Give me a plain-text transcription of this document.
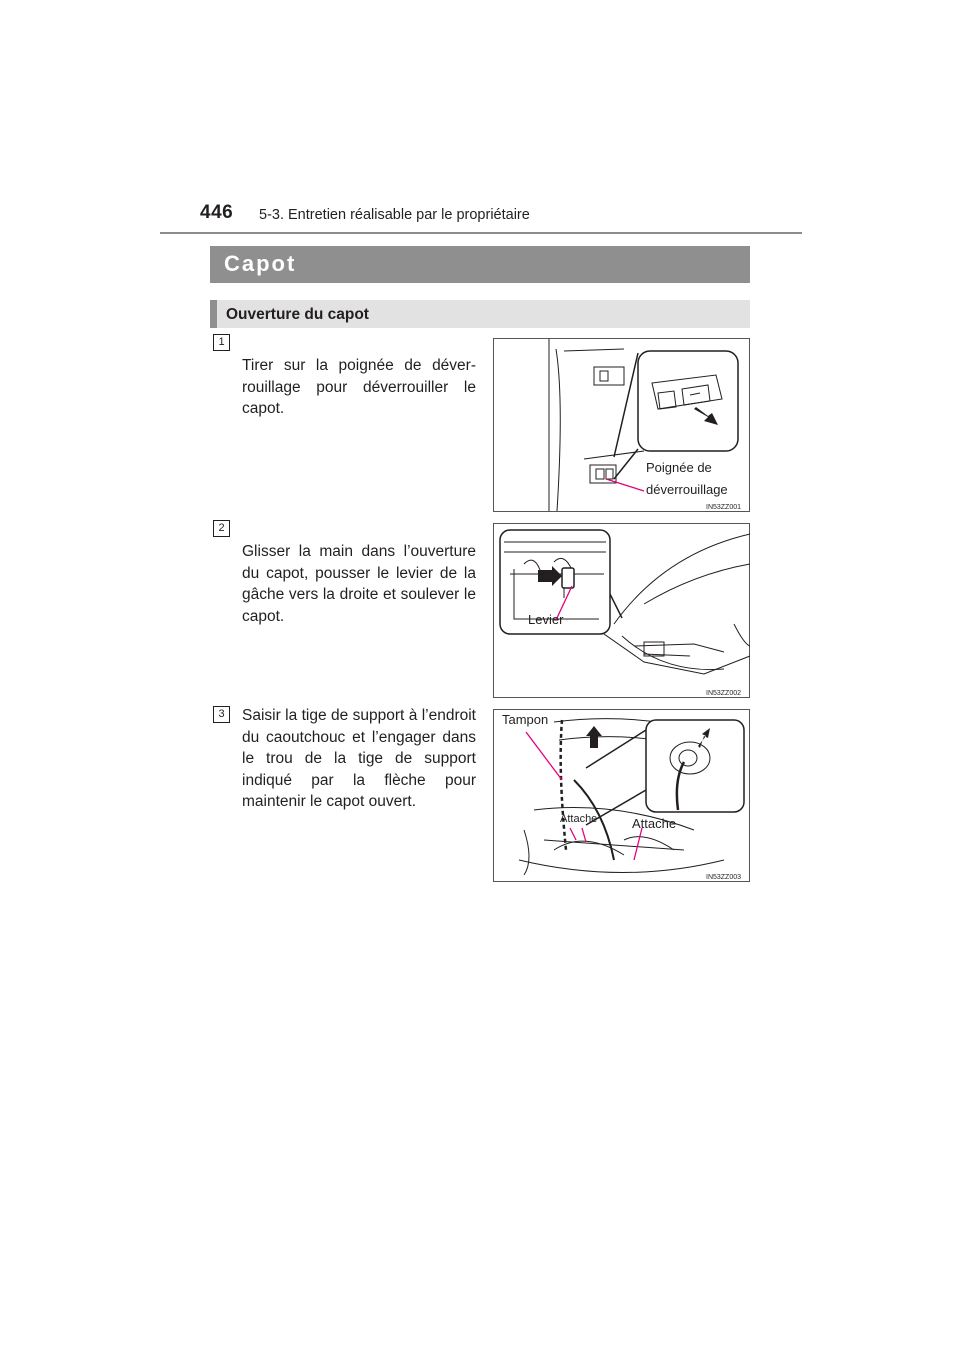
446 5-3. Entretien réalisable par le propriétaire
Capot
Ouverture du capot
1
Tirer sur la poignée de déver-rouillage pour déverrouiller le capot.
Poignée de
déverrouillage
IN53ZZ001
2
Glisser la main dans l’ouverture du capot, pousser le levier de la gâche vers la droite et soulever le capot.	Levier
IN53ZZ002
3	Saisir la tige de support à l’endroit du caoutchouc et l’engager dans le trou de la tige de support indiqué par la flèche pour maintenir le capot ouvert.
Tampon
Attache	Attache
IN53ZZ003
